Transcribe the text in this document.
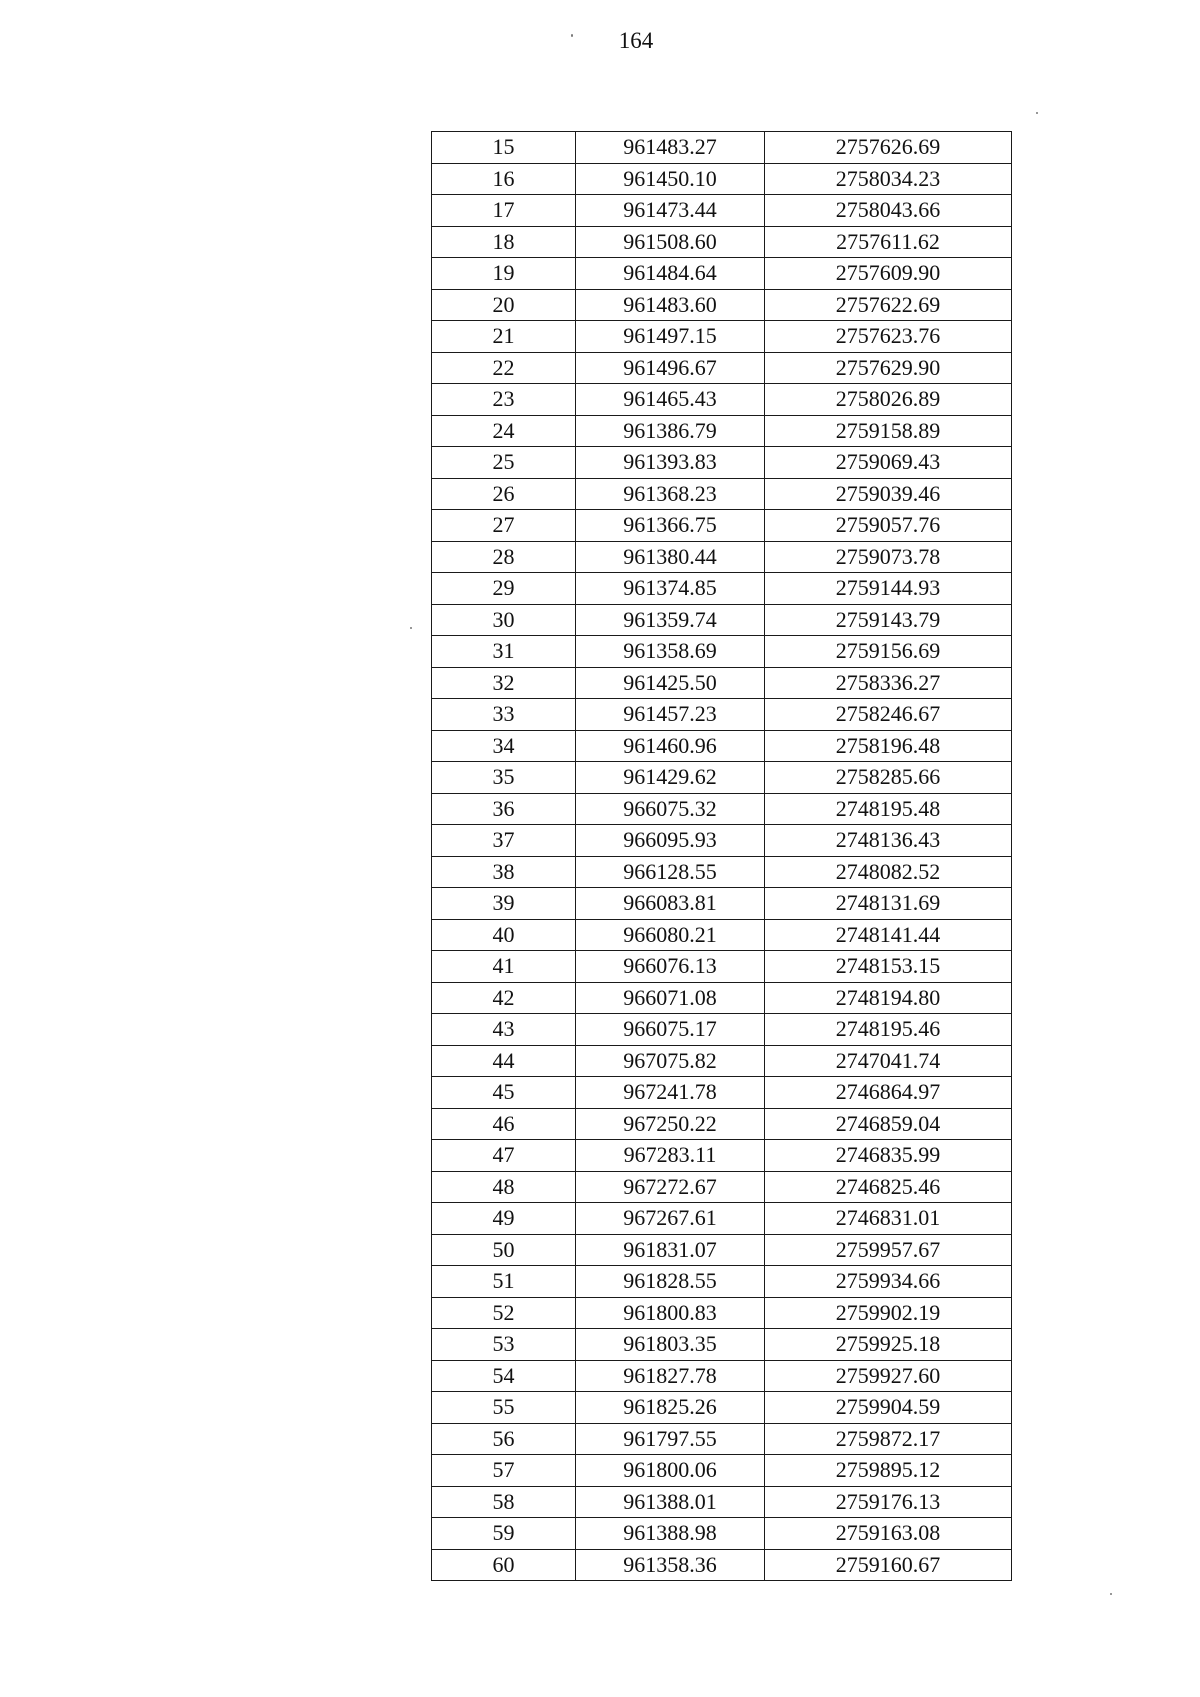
164
15	961483.27	2757626.69
16	961450.10	2758034.23
17	961473.44	2758043.66
18	961508.60	2757611.62
19	961484.64	2757609.90
20	961483.60	2757622.69
21	961497.15	2757623.76
22	961496.67	2757629.90
23	961465.43	2758026.89
24	961386.79	2759158.89
25	961393.83	2759069.43
26	961368.23	2759039.46
27	961366.75	2759057.76
28	961380.44	2759073.78
29	961374.85	2759144.93
30	961359.74	2759143.79
31	961358.69	2759156.69
32	961425.50	2758336.27
33	961457.23	2758246.67
34	961460.96	2758196.48
35	961429.62	2758285.66
36	966075.32	2748195.48
37	966095.93	2748136.43
38	966128.55	2748082.52
39	966083.81	2748131.69
40	966080.21	2748141.44
41	966076.13	2748153.15
42	966071.08	2748194.80
43	966075.17	2748195.46
44	967075.82	2747041.74
45	967241.78	2746864.97
46	967250.22	2746859.04
47	967283.11	2746835.99
48	967272.67	2746825.46
49	967267.61	2746831.01
50	961831.07	2759957.67
51	961828.55	2759934.66
52	961800.83	2759902.19
53	961803.35	2759925.18
54	961827.78	2759927.60
55	961825.26	2759904.59
56	961797.55	2759872.17
57	961800.06	2759895.12
58	961388.01	2759176.13
59	961388.98	2759163.08
60	961358.36	2759160.67
